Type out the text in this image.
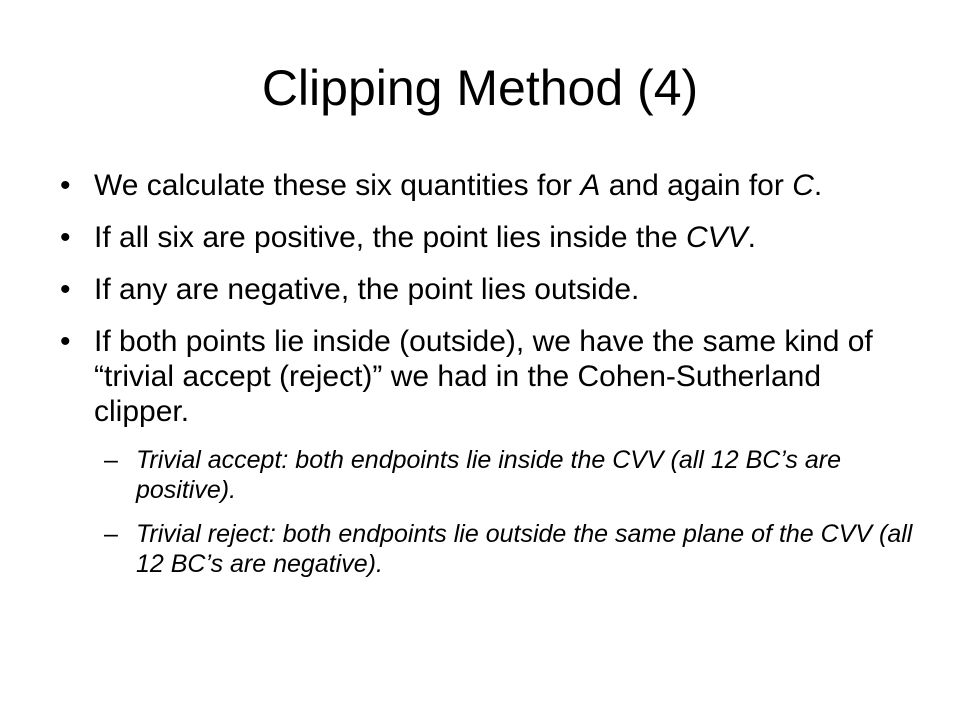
Clipping Method (4)
• We calculate these six quantities for A and again for C.
• If all six are positive, the point lies inside the CVV.
• If any are negative, the point lies outside.
• If both points lie inside (outside), we have the same kind of “trivial accept (reject)” we had in the Cohen-Sutherland clipper.
– Trivial accept: both endpoints lie inside the CVV (all 12 BC’s are positive).
– Trivial reject: both endpoints lie outside the same plane of the CVV (all 12 BC’s are negative).
